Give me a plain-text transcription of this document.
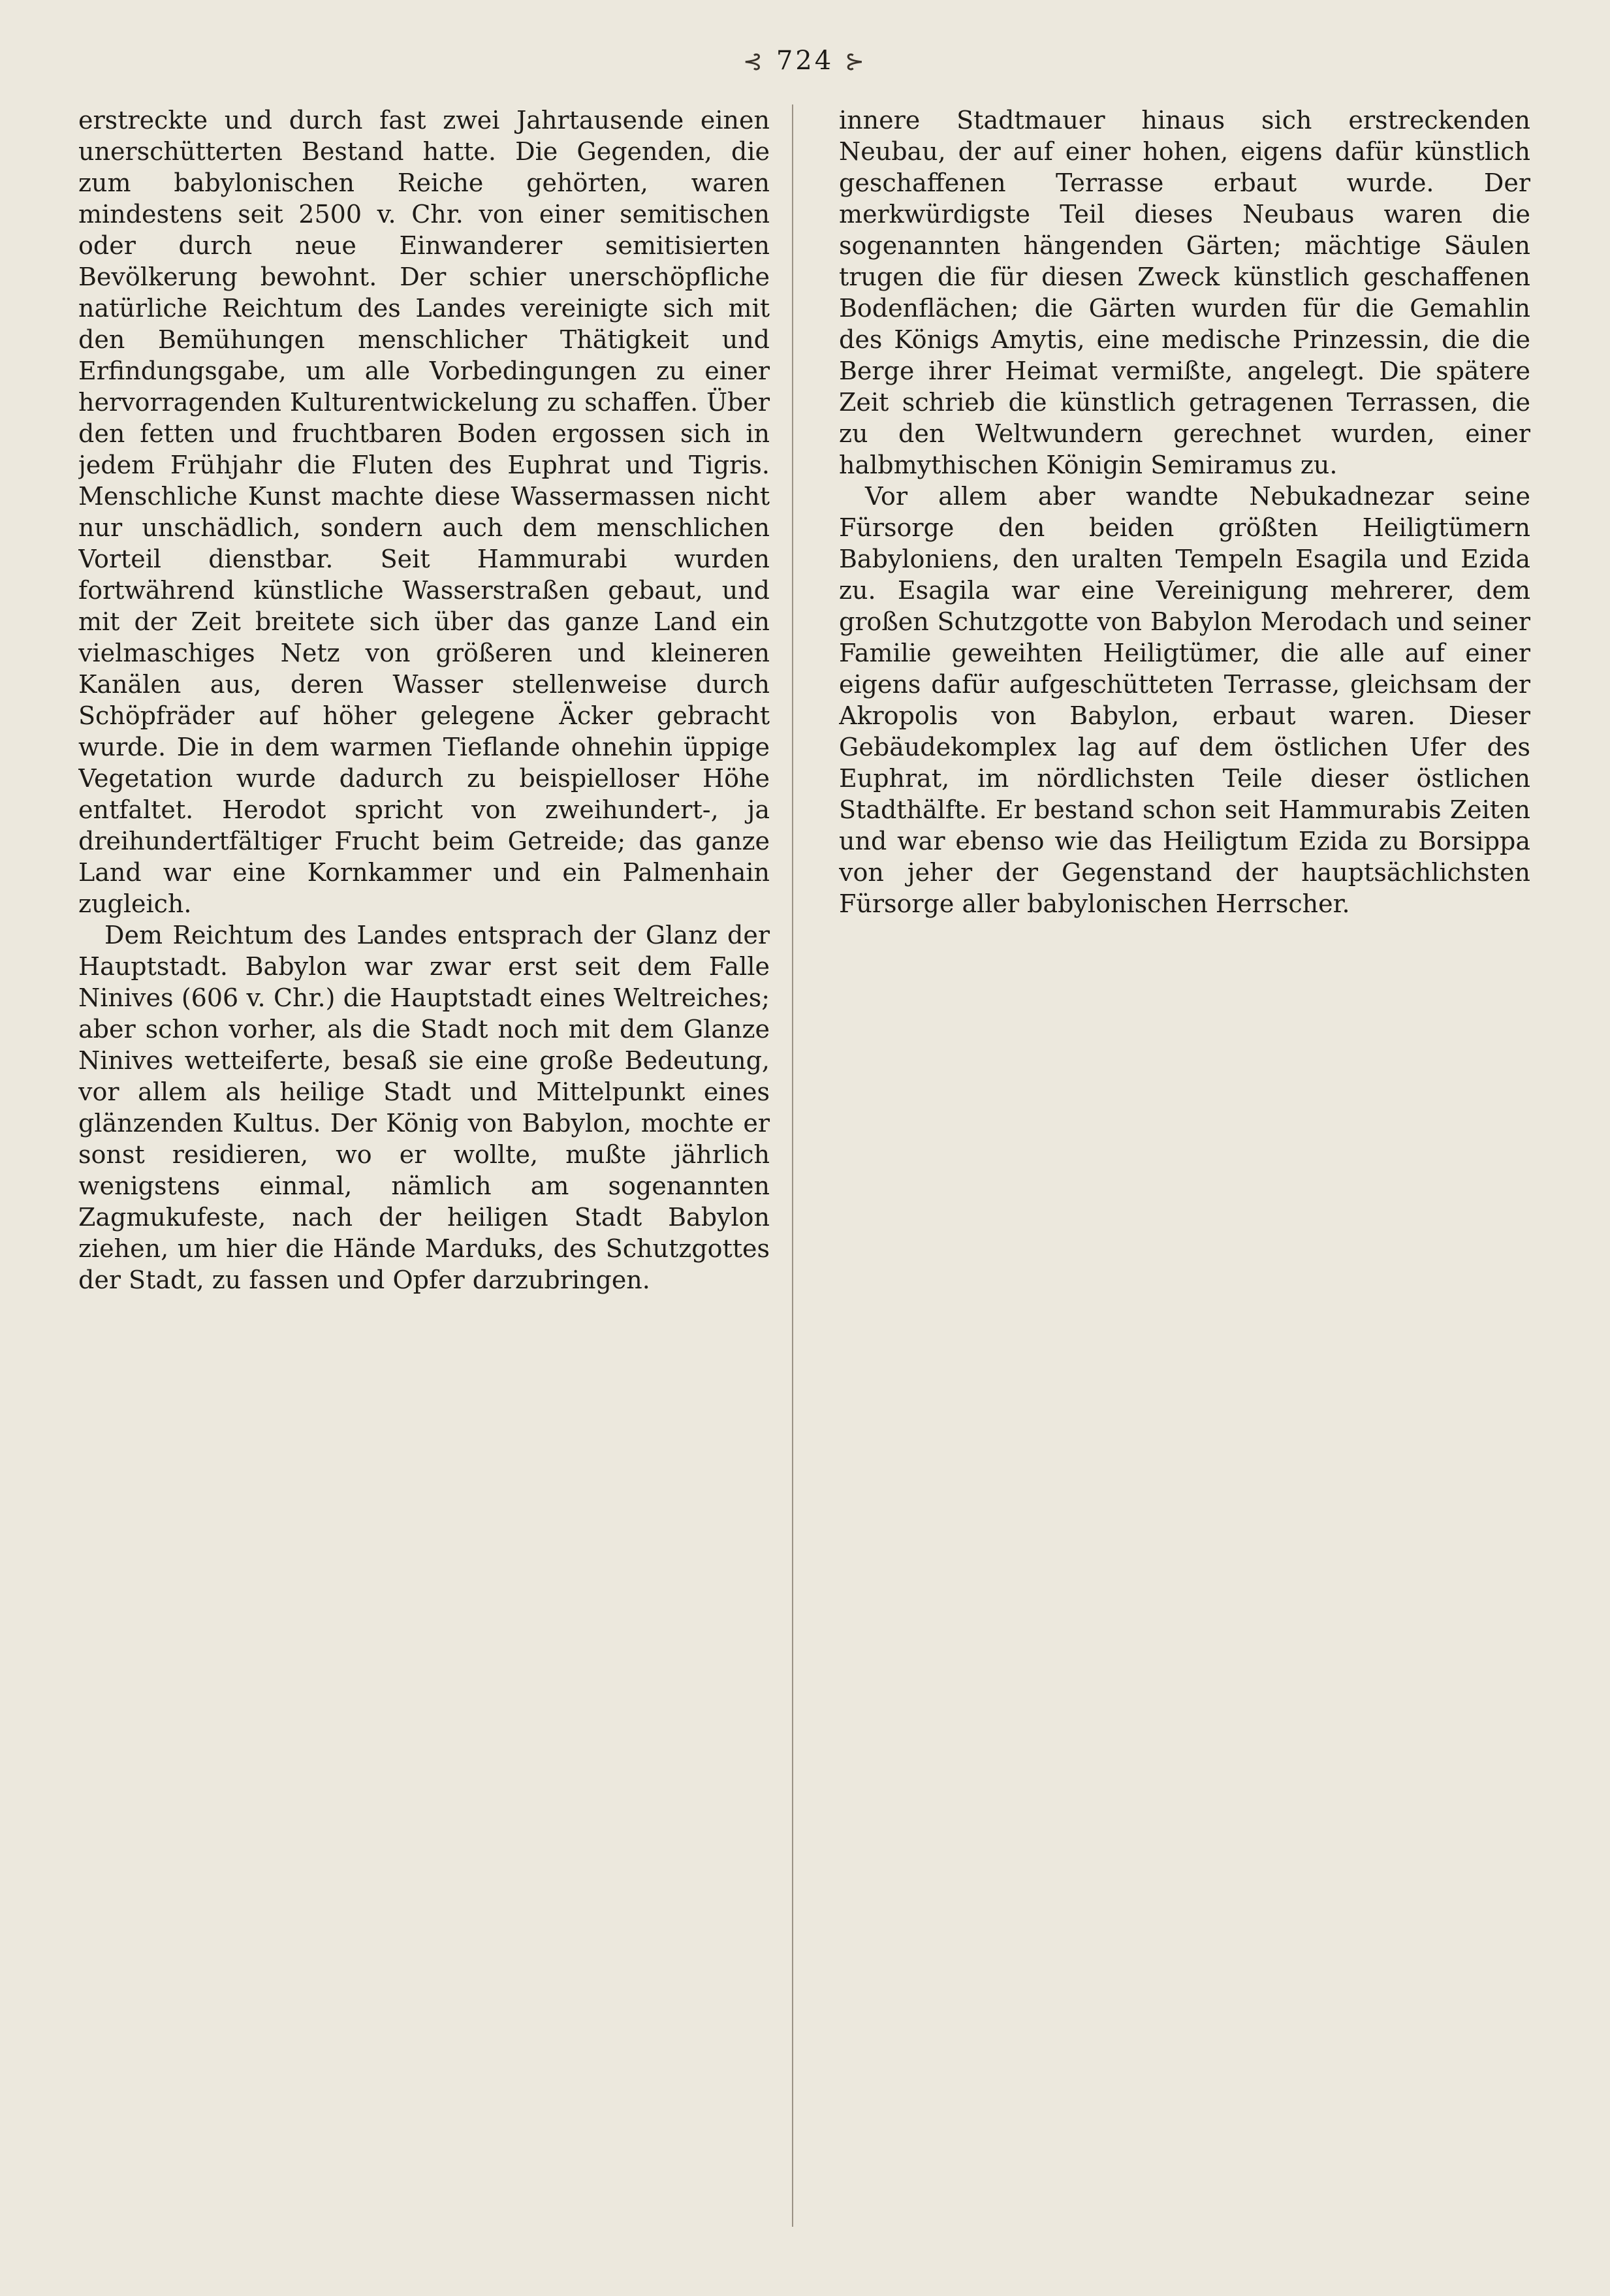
⊰ 724 ⊱

erstreckte und durch fast zwei Jahrtausende einen unerschütterten Bestand hatte. Die Gegenden, die zum babylonischen Reiche gehörten, waren mindestens seit 2500 v. Chr. von einer semitischen oder durch neue Einwanderer semitisierten Bevölkerung bewohnt. Der schier unerschöpfliche natürliche Reichtum des Landes vereinigte sich mit den Bemühungen menschlicher Thätigkeit und Erfindungsgabe, um alle Vorbedingungen zu einer hervorragenden Kulturentwickelung zu schaffen. Über den fetten und fruchtbaren Boden ergossen sich in jedem Frühjahr die Fluten des Euphrat und Tigris. Menschliche Kunst machte diese Wassermassen nicht nur unschädlich, sondern auch dem menschlichen Vorteil dienstbar. Seit Hammurabi wurden fortwährend künstliche Wasserstraßen gebaut, und mit der Zeit breitete sich über das ganze Land ein vielmaschiges Netz von größeren und kleineren Kanälen aus, deren Wasser stellenweise durch Schöpfräder auf höher gelegene Äcker gebracht wurde. Die in dem warmen Tieflande ohnehin üppige Vegetation wurde dadurch zu beispielloser Höhe entfaltet. Herodot spricht von zweihundert-, ja dreihundertfältiger Frucht beim Getreide; das ganze Land war eine Kornkammer und ein Palmenhain zugleich.

Dem Reichtum des Landes entsprach der Glanz der Hauptstadt. Babylon war zwar erst seit dem Falle Ninives (606 v. Chr.) die Hauptstadt eines Weltreiches; aber schon vorher, als die Stadt noch mit dem Glanze Ninives wetteiferte, besaß sie eine große Bedeutung, vor allem als heilige Stadt und Mittelpunkt eines glänzenden Kultus. Der König von Babylon, mochte er sonst residieren, wo er wollte, mußte jährlich wenigstens einmal, nämlich am sogenannten Zagmukufeste, nach der heiligen Stadt Babylon ziehen, um hier die Hände Marduks, des Schutzgottes der Stadt, zu fassen und Opfer darzubringen.

innere Stadtmauer hinaus sich erstreckenden Neubau, der auf einer hohen, eigens dafür künstlich geschaffenen Terrasse erbaut wurde. Der merkwürdigste Teil dieses Neubaus waren die sogenannten hängenden Gärten; mächtige Säulen trugen die für diesen Zweck künstlich geschaffenen Bodenflächen; die Gärten wurden für die Gemahlin des Königs Amytis, eine medische Prinzessin, die die Berge ihrer Heimat vermißte, angelegt. Die spätere Zeit schrieb die künstlich getragenen Terrassen, die zu den Weltwundern gerechnet wurden, einer halbmythischen Königin Semiramus zu.

Vor allem aber wandte Nebukadnezar seine Fürsorge den beiden größten Heiligtümern Babyloniens, den uralten Tempeln Esagila und Ezida zu. Esagila war eine Vereinigung mehrerer, dem großen Schutzgotte von Babylon Merodach und seiner Familie geweihten Heiligtümer, die alle auf einer eigens dafür aufgeschütteten Terrasse, gleichsam der Akropolis von Babylon, erbaut waren. Dieser Gebäudekomplex lag auf dem östlichen Ufer des Euphrat, im nördlichsten Teile dieser östlichen Stadthälfte. Er bestand schon seit Hammurabis Zeiten und war ebenso wie das Heiligtum Ezida zu Borsippa von jeher der Gegenstand der hauptsächlichsten Fürsorge aller babylonischen Herrscher.
